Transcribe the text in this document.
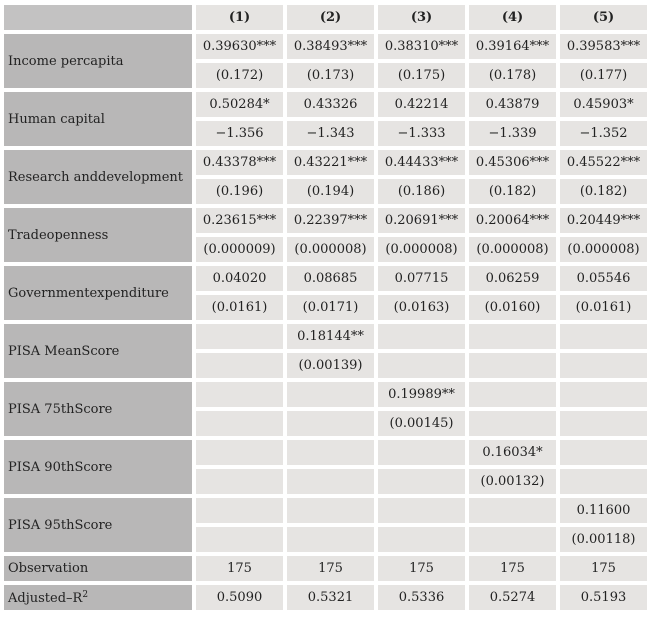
	(1)	(2)	(3)	(4)	(5)
Income percapita	0.39630***	0.38493***	0.38310***	0.39164***	0.39583***
	(0.172)	(0.173)	(0.175)	(0.178)	(0.177)
Human capital	0.50284*	0.43326	0.42214	0.43879	0.45903*
	−1.356	−1.343	−1.333	−1.339	−1.352
Research anddevelopment	0.43378***	0.43221***	0.44433***	0.45306***	0.45522***
	(0.196)	(0.194)	(0.186)	(0.182)	(0.182)
Tradeopenness	0.23615***	0.22397***	0.20691***	0.20064***	0.20449***
	(0.000009)	(0.000008)	(0.000008)	(0.000008)	(0.000008)
Governmentexpenditure	0.04020	0.08685	0.07715	0.06259	0.05546
	(0.0161)	(0.0171)	(0.0163)	(0.0160)	(0.0161)
PISA MeanScore		0.18144**			
		(0.00139)			
PISA 75thScore			0.19989**		
			(0.00145)		
PISA 90thScore				0.16034*	
				(0.00132)	
PISA 95thScore					0.11600
					(0.00118)
Observation	175	175	175	175	175
Adjusted–$R^2$	0.5090	0.5321	0.5336	0.5274	0.5193
